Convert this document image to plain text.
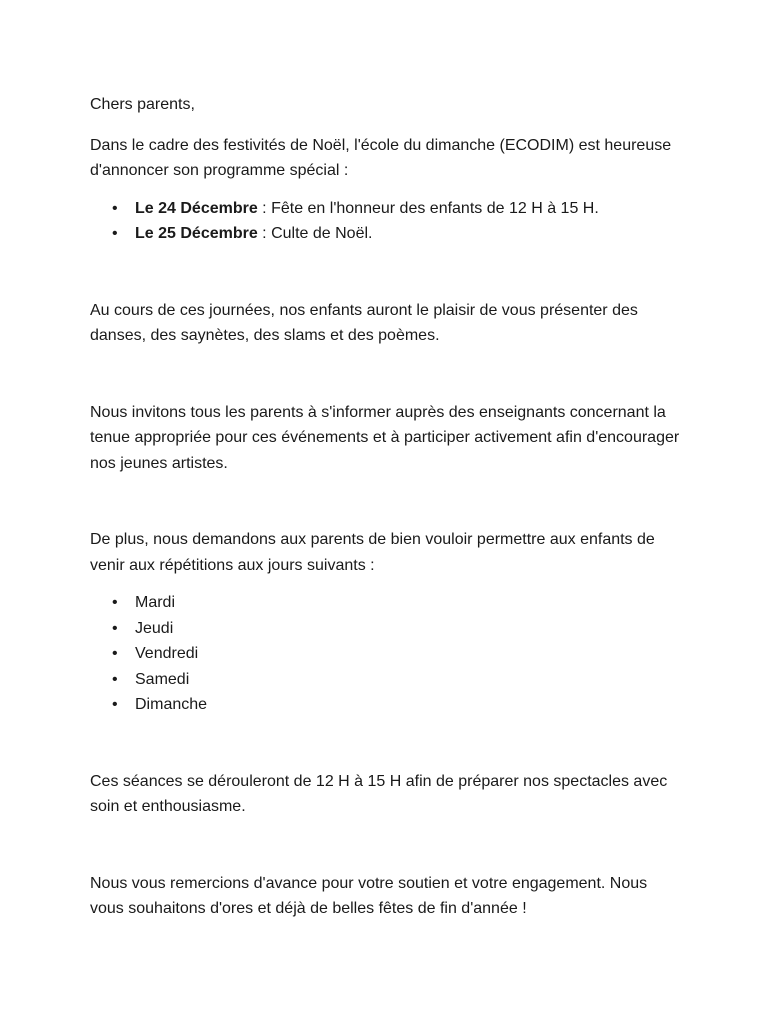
Chers parents,

Dans le cadre des festivités de Noël, l'école du dimanche (ECODIM) est heureuse d'annoncer son programme spécial :

• Le 24 Décembre : Fête en l'honneur des enfants de 12 H à 15 H.
• Le 25 Décembre : Culte de Noël.

Au cours de ces journées, nos enfants auront le plaisir de vous présenter des danses, des saynètes, des slams et des poèmes.

Nous invitons tous les parents à s'informer auprès des enseignants concernant la tenue appropriée pour ces événements et à participer activement afin d'encourager nos jeunes artistes.

De plus, nous demandons aux parents de bien vouloir permettre aux enfants de venir aux répétitions aux jours suivants :

• Mardi
• Jeudi
• Vendredi
• Samedi
• Dimanche

Ces séances se dérouleront de 12 H à 15 H afin de préparer nos spectacles avec soin et enthousiasme.

Nous vous remercions d'avance pour votre soutien et votre engagement. Nous vous souhaitons d'ores et déjà de belles fêtes de fin d'année !
